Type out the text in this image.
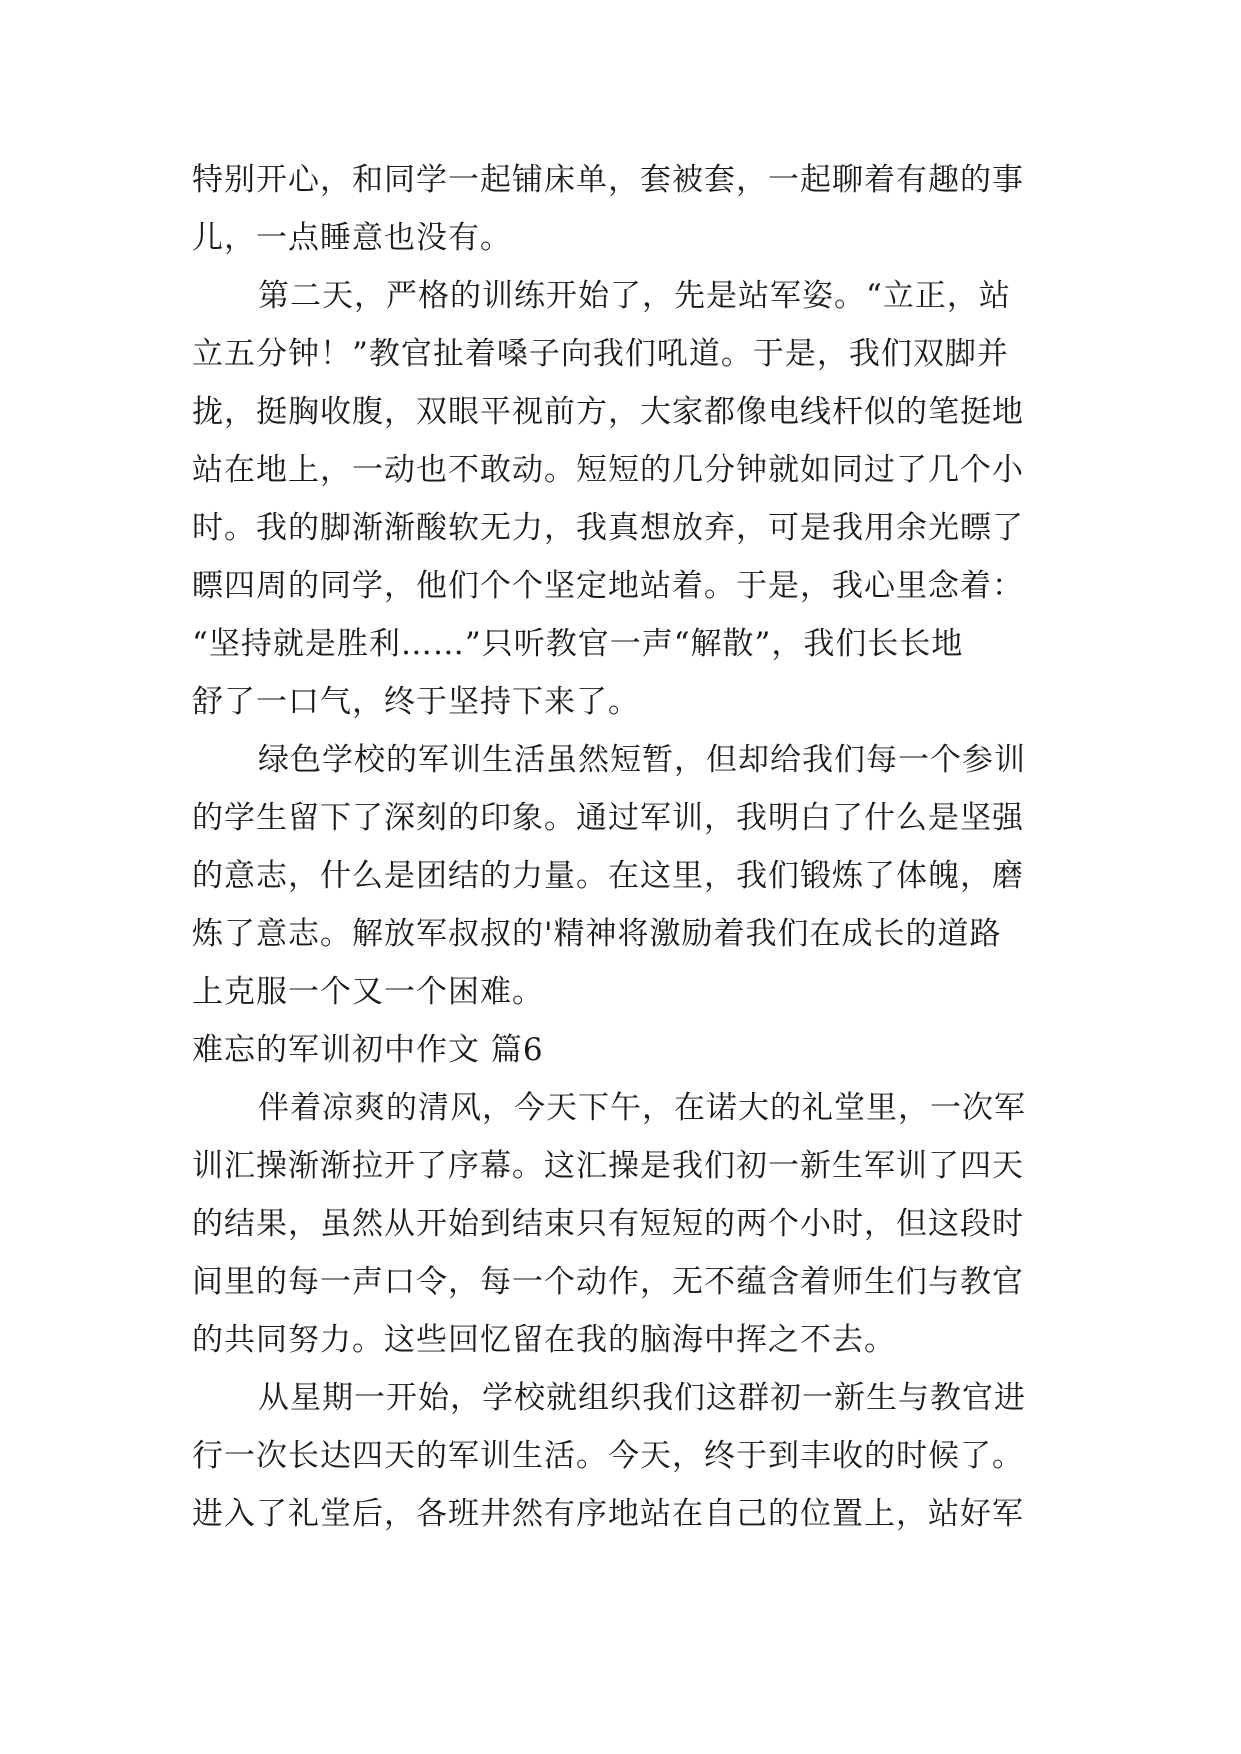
特别开心，和同学一起铺床单，套被套，一起聊着有趣的事
儿，一点睡意也没有。
第二天，严格的训练开始了，先是站军姿。“立正，站
立五分钟！”教官扯着嗓子向我们吼道。于是，我们双脚并
拢，挺胸收腹，双眼平视前方，大家都像电线杆似的笔挺地
站在地上，一动也不敢动。短短的几分钟就如同过了几个小
时。我的脚渐渐酸软无力，我真想放弃，可是我用余光瞟了
瞟四周的同学，他们个个坚定地站着。于是，我心里念着：
“坚持就是胜利……”只听教官一声“解散”，我们长长地
舒了一口气，终于坚持下来了。
绿色学校的军训生活虽然短暂，但却给我们每一个参训
的学生留下了深刻的印象。通过军训，我明白了什么是坚强
的意志，什么是团结的力量。在这里，我们锻炼了体魄，磨
炼了意志。解放军叔叔的'精神将激励着我们在成长的道路
上克服一个又一个困难。
难忘的军训初中作文 篇6
伴着凉爽的清风，今天下午，在诺大的礼堂里，一次军
训汇操渐渐拉开了序幕。这汇操是我们初一新生军训了四天
的结果，虽然从开始到结束只有短短的两个小时，但这段时
间里的每一声口令，每一个动作，无不蕴含着师生们与教官
的共同努力。这些回忆留在我的脑海中挥之不去。
从星期一开始，学校就组织我们这群初一新生与教官进
行一次长达四天的军训生活。今天，终于到丰收的时候了。
进入了礼堂后，各班井然有序地站在自己的位置上，站好军
